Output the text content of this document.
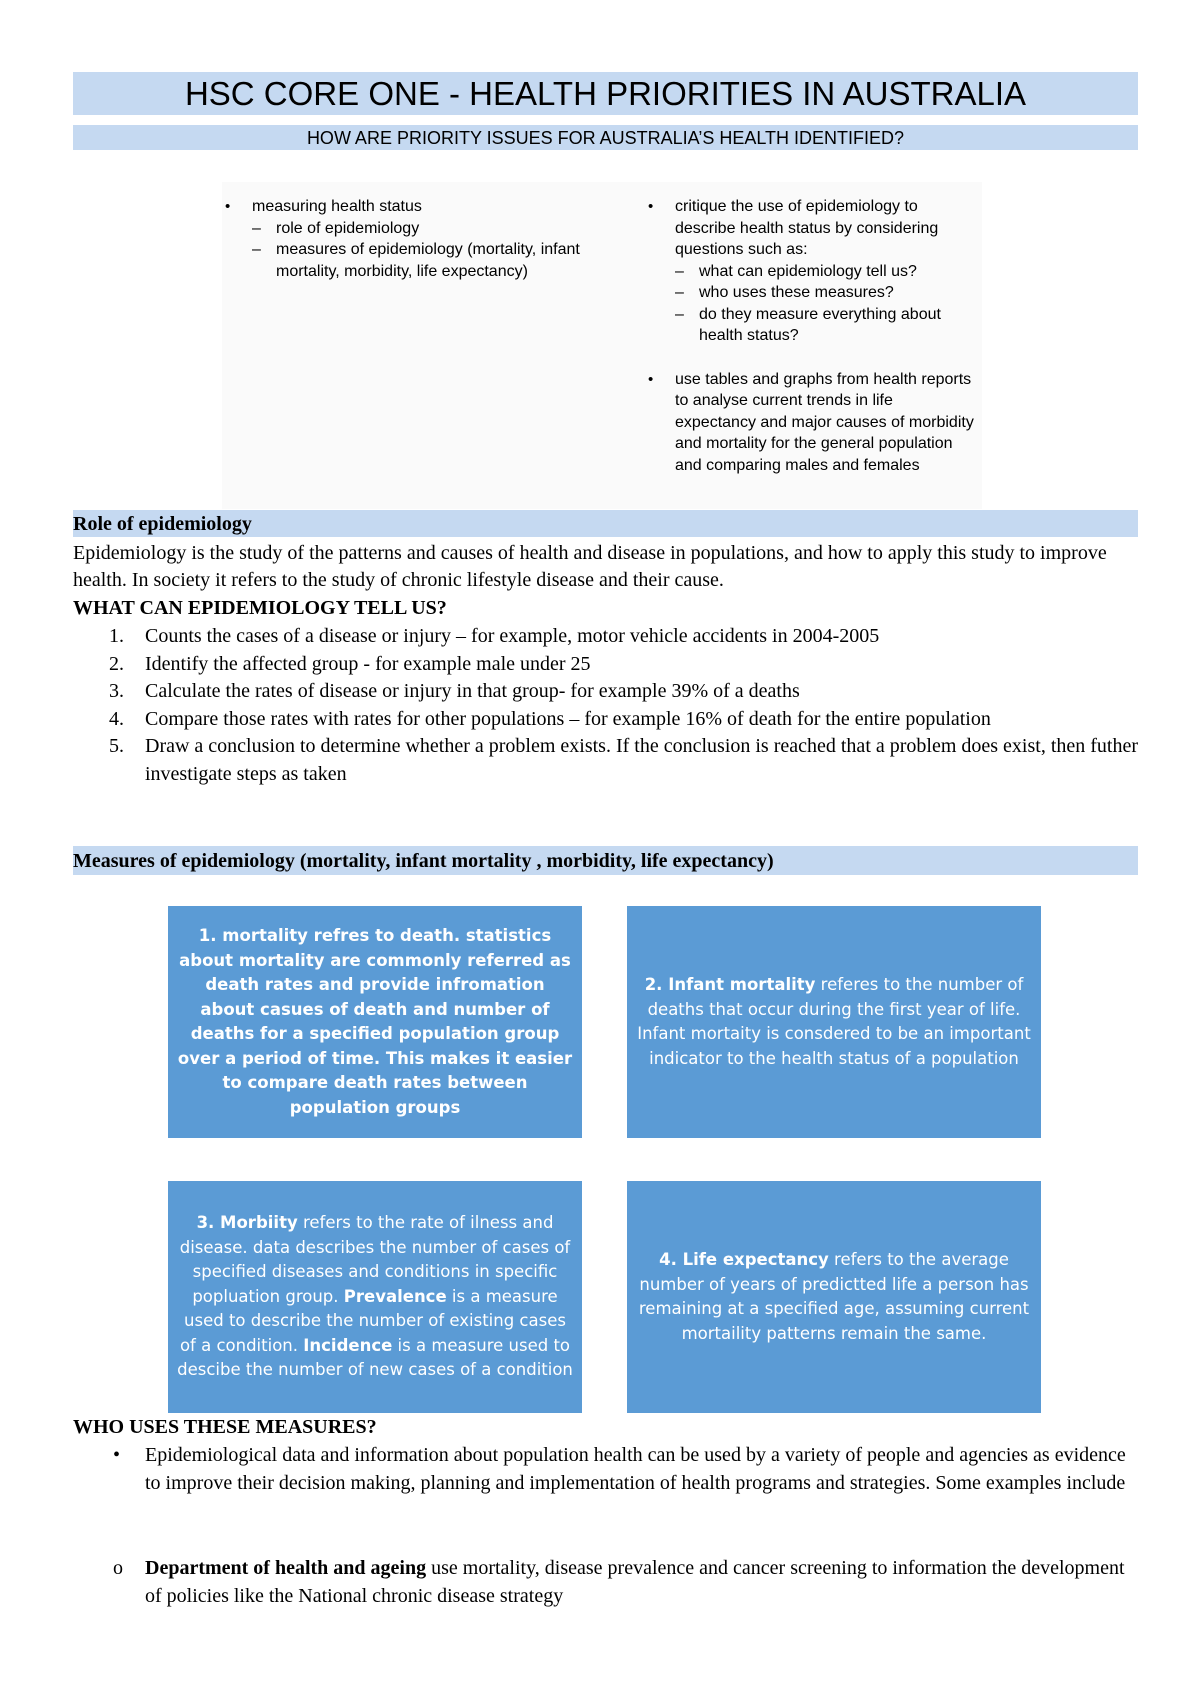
HSC CORE ONE - HEALTH PRIORITIES IN AUSTRALIA
HOW ARE PRIORITY ISSUES FOR AUSTRALIA’S HEALTH IDENTIFIED?
• measuring health status
– role of epidemiology
– measures of epidemiology (mortality, infant mortality, morbidity, life expectancy)
• critique the use of epidemiology to describe health status by considering questions such as:
– what can epidemiology tell us?
– who uses these measures?
– do they measure everything about health status?
• use tables and graphs from health reports to analyse current trends in life expectancy and major causes of morbidity and mortality for the general population and comparing males and females
Role of epidemiology
Epidemiology is the study of the patterns and causes of health and disease in populations, and how to apply this study to improve health. In society it refers to the study of chronic lifestyle disease and their cause.
WHAT CAN EPIDEMIOLOGY TELL US?
1. Counts the cases of a disease or injury – for example, motor vehicle accidents in 2004-2005
2. Identify the affected group - for example male under 25
3. Calculate the rates of disease or injury in that group- for example 39% of a deaths
4. Compare those rates with rates for other populations – for example 16% of death for the entire population
5. Draw a conclusion to determine whether a problem exists. If the conclusion is reached that a problem does exist, then futher investigate steps as taken
Measures of epidemiology (mortality, infant mortality , morbidity, life expectancy)
1. mortality refres to death. statistics about mortality are commonly referred as death rates and provide infromation about casues of death and number of deaths for a specified population group over a period of time. This makes it easier to compare death rates between population groups
2. Infant mortality referes to the number of deaths that occur during the first year of life. Infant mortaity is consdered to be an important indicator to the health status of a population
3. Morbiity refers to the rate of ilness and disease. data describes the number of cases of specified diseases and conditions in specific popluation group. Prevalence is a measure used to describe the number of existing cases of a condition. Incidence is a measure used to descibe the number of new cases of a condition
4. Life expectancy refers to the average number of years of predictted life a person has remaining at a specified age, assuming current mortaility patterns remain the same.
WHO USES THESE MEASURES?
• Epidemiological data and information about population health can be used by a variety of people and agencies as evidence to improve their decision making, planning and implementation of health programs and strategies. Some examples include
o Department of health and ageing use mortality, disease prevalence and cancer screening to information the development of policies like the National chronic disease strategy
